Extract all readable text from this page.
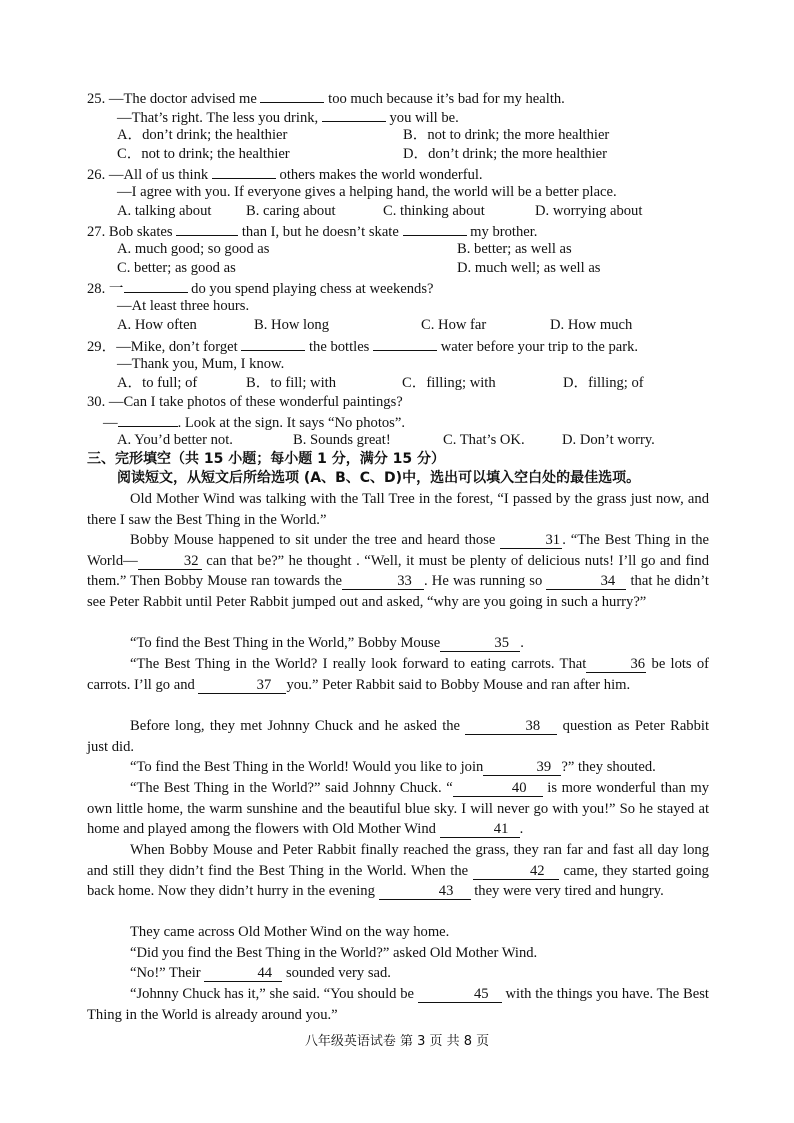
25. —The doctor advised me	too much because it’s bad for my health.
—That’s right. The less you drink,	you will be.
A．don’t drink; the healthier	B．not to drink; the more healthier
C．not to drink; the healthier	D．don’t drink; the more healthier
26. —All of us think	others makes the world wonderful.
—I agree with you. If everyone gives a helping hand, the world will be a better place.
A. talking about B. caring about	C. thinking about	D. worrying about
27. Bob skates	than I, but he doesn’t skate	my brother.
A. much good; so good as	B. better; as well as
C. better; as good as	D. much well; as well as
28. 一	do you spend playing chess at weekends?
—At least three hours.
A. How often	B. How long	C. How far	D. How much
29．—Mike, don’t forget	the bottles	water before your trip to the park.
—Thank you, Mum, I know.
A．to full; of	B．to fill; with	C．filling; with	D．filling; of
30. —Can I take photos of these wonderful paintings?
—	. Look at the sign. It says “No photos”.
A. You’d better not.	B. Sounds great!	C. That’s OK.	D. Don’t worry.
三、完形填空（共 15 小题；每小题 1 分，满分 15 分）
阅读短文，从短文后所给选项 (A、B、C、D)中，选出可以填入空白处的最佳选项。
Old Mother Wind was talking with the Tall Tree in the forest, “I passed by the grass just now, and there I saw the Best Thing in the World.”
Bobby Mouse happened to sit under the tree and heard those	31 . “The Best Thing in the World—	32 can that be?” he thought . “Well, it must be plenty of delicious nuts! I’ll go and find them.” Then Bobby Mouse ran towards the	33 . He was running so	34 that he didn’t see Peter Rabbit until Peter Rabbit jumped out and asked, “why are you going in such a hurry?”
“To find the Best Thing in the World,” Bobby Mouse	35 .
“The Best Thing in the World? I really look forward to eating carrots. That	36 be lots of carrots. I’ll go and	37 you.” Peter Rabbit said to Bobby Mouse and ran after him.
Before long, they met Johnny Chuck and he asked the	38 question as Peter Rabbit just did.
“To find the Best Thing in the World! Would you like to join	39 ?” they shouted.
“The Best Thing in the World?” said Johnny Chuck. “	40 is more wonderful than my own little home, the warm sunshine and the beautiful blue sky. I will never go with you!” So he stayed at home and played among the flowers with Old Mother Wind	41 .
When Bobby Mouse and Peter Rabbit finally reached the grass, they ran far and fast all day long and still they didn’t find the Best Thing in the World. When the	42 came, they started going back home. Now they didn’t hurry in the evening	43 they were very tired and hungry.
They came across Old Mother Wind on the way home.
“Did you find the Best Thing in the World?” asked Old Mother Wind.
“No!” Their	44 sounded very sad.
“Johnny Chuck has it,” she said. “You should be	45 with the things you have. The Best Thing in the World is already around you.”
八年级英语试卷 第 3 页 共 8 页
